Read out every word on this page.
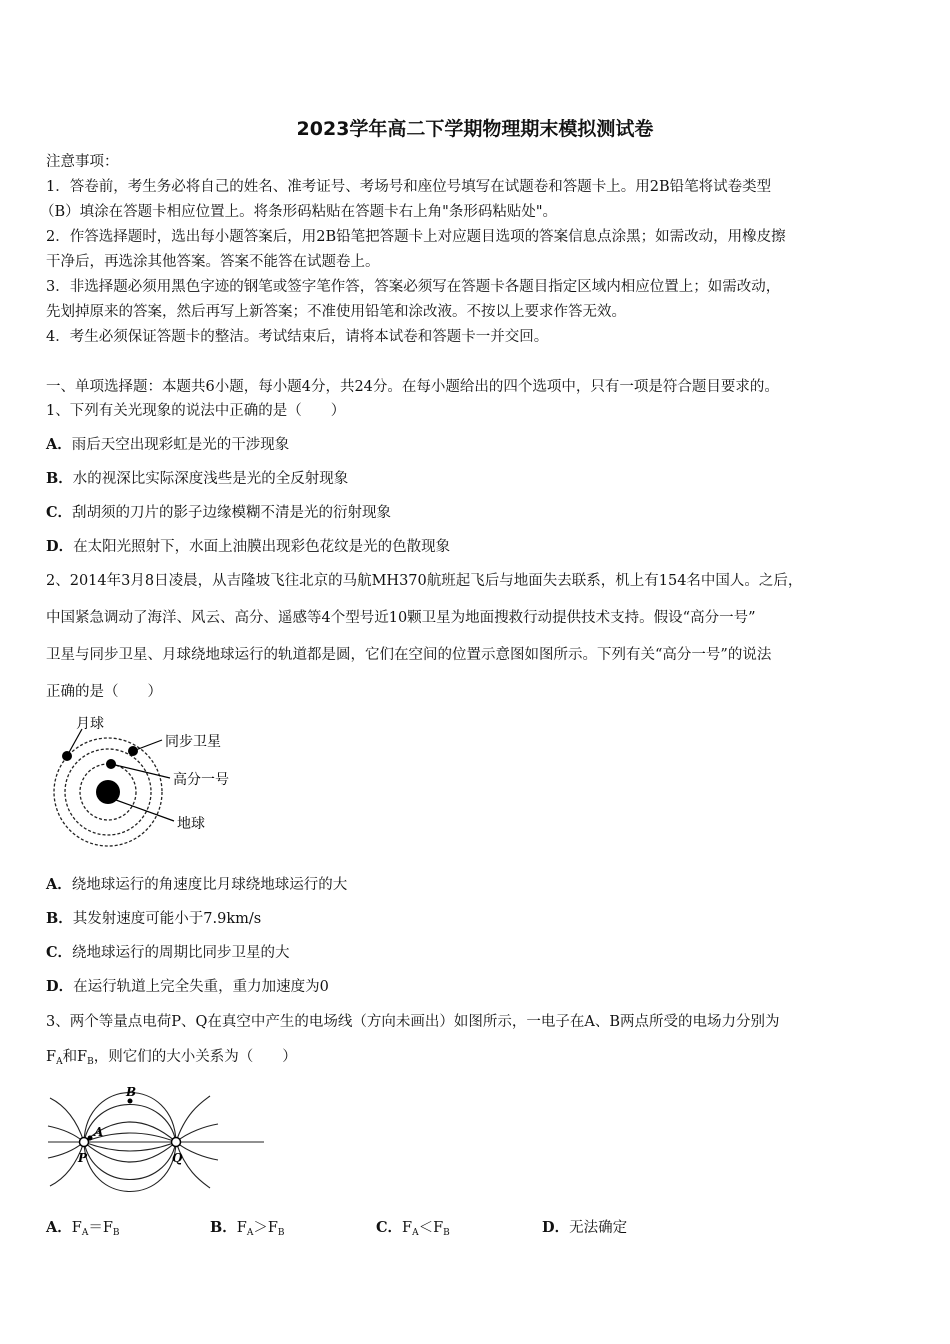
2023学年高二下学期物理期末模拟测试卷
注意事项：
1．答卷前，考生务必将自己的姓名、准考证号、考场号和座位号填写在试题卷和答题卡上。用2B铅笔将试卷类型
（B）填涂在答题卡相应位置上。将条形码粘贴在答题卡右上角"条形码粘贴处"。
2．作答选择题时，选出每小题答案后，用2B铅笔把答题卡上对应题目选项的答案信息点涂黑；如需改动，用橡皮擦
干净后，再选涂其他答案。答案不能答在试题卷上。
3．非选择题必须用黑色字迹的钢笔或签字笔作答，答案必须写在答题卡各题目指定区域内相应位置上；如需改动，
先划掉原来的答案，然后再写上新答案；不准使用铅笔和涂改液。不按以上要求作答无效。
4．考生必须保证答题卡的整洁。考试结束后，请将本试卷和答题卡一并交回。
一、单项选择题：本题共6小题，每小题4分，共24分。在每小题给出的四个选项中，只有一项是符合题目要求的。
1、下列有关光现象的说法中正确的是（　　）
A．雨后天空出现彩虹是光的干涉现象
B．水的视深比实际深度浅些是光的全反射现象
C．刮胡须的刀片的影子边缘模糊不清是光的衍射现象
D．在太阳光照射下，水面上油膜出现彩色花纹是光的色散现象
2、2014年3月8日凌晨，从吉隆坡飞往北京的马航MH370航班起飞后与地面失去联系，机上有154名中国人。之后，
中国紧急调动了海洋、风云、高分、遥感等4个型号近10颗卫星为地面搜救行动提供技术支持。假设“高分一号”
卫星与同步卫星、月球绕地球运行的轨道都是圆，它们在空间的位置示意图如图所示。下列有关“高分一号”的说法
正确的是（　　）
月球
同步卫星
高分一号
地球
A．绕地球运行的角速度比月球绕地球运行的大
B．其发射速度可能小于7.9km/s
C．绕地球运行的周期比同步卫星的大
D．在运行轨道上完全失重，重力加速度为0
3、两个等量点电荷P、Q在真空中产生的电场线（方向未画出）如图所示，一电子在A、B两点所受的电场力分别为
$F_A$和$F_B$，则它们的大小关系为（　　）
A
B
P	Q
A．$F_A=F_B$	B．$F_A>F_B$	C．$F_A<F_B$	D．无法确定
